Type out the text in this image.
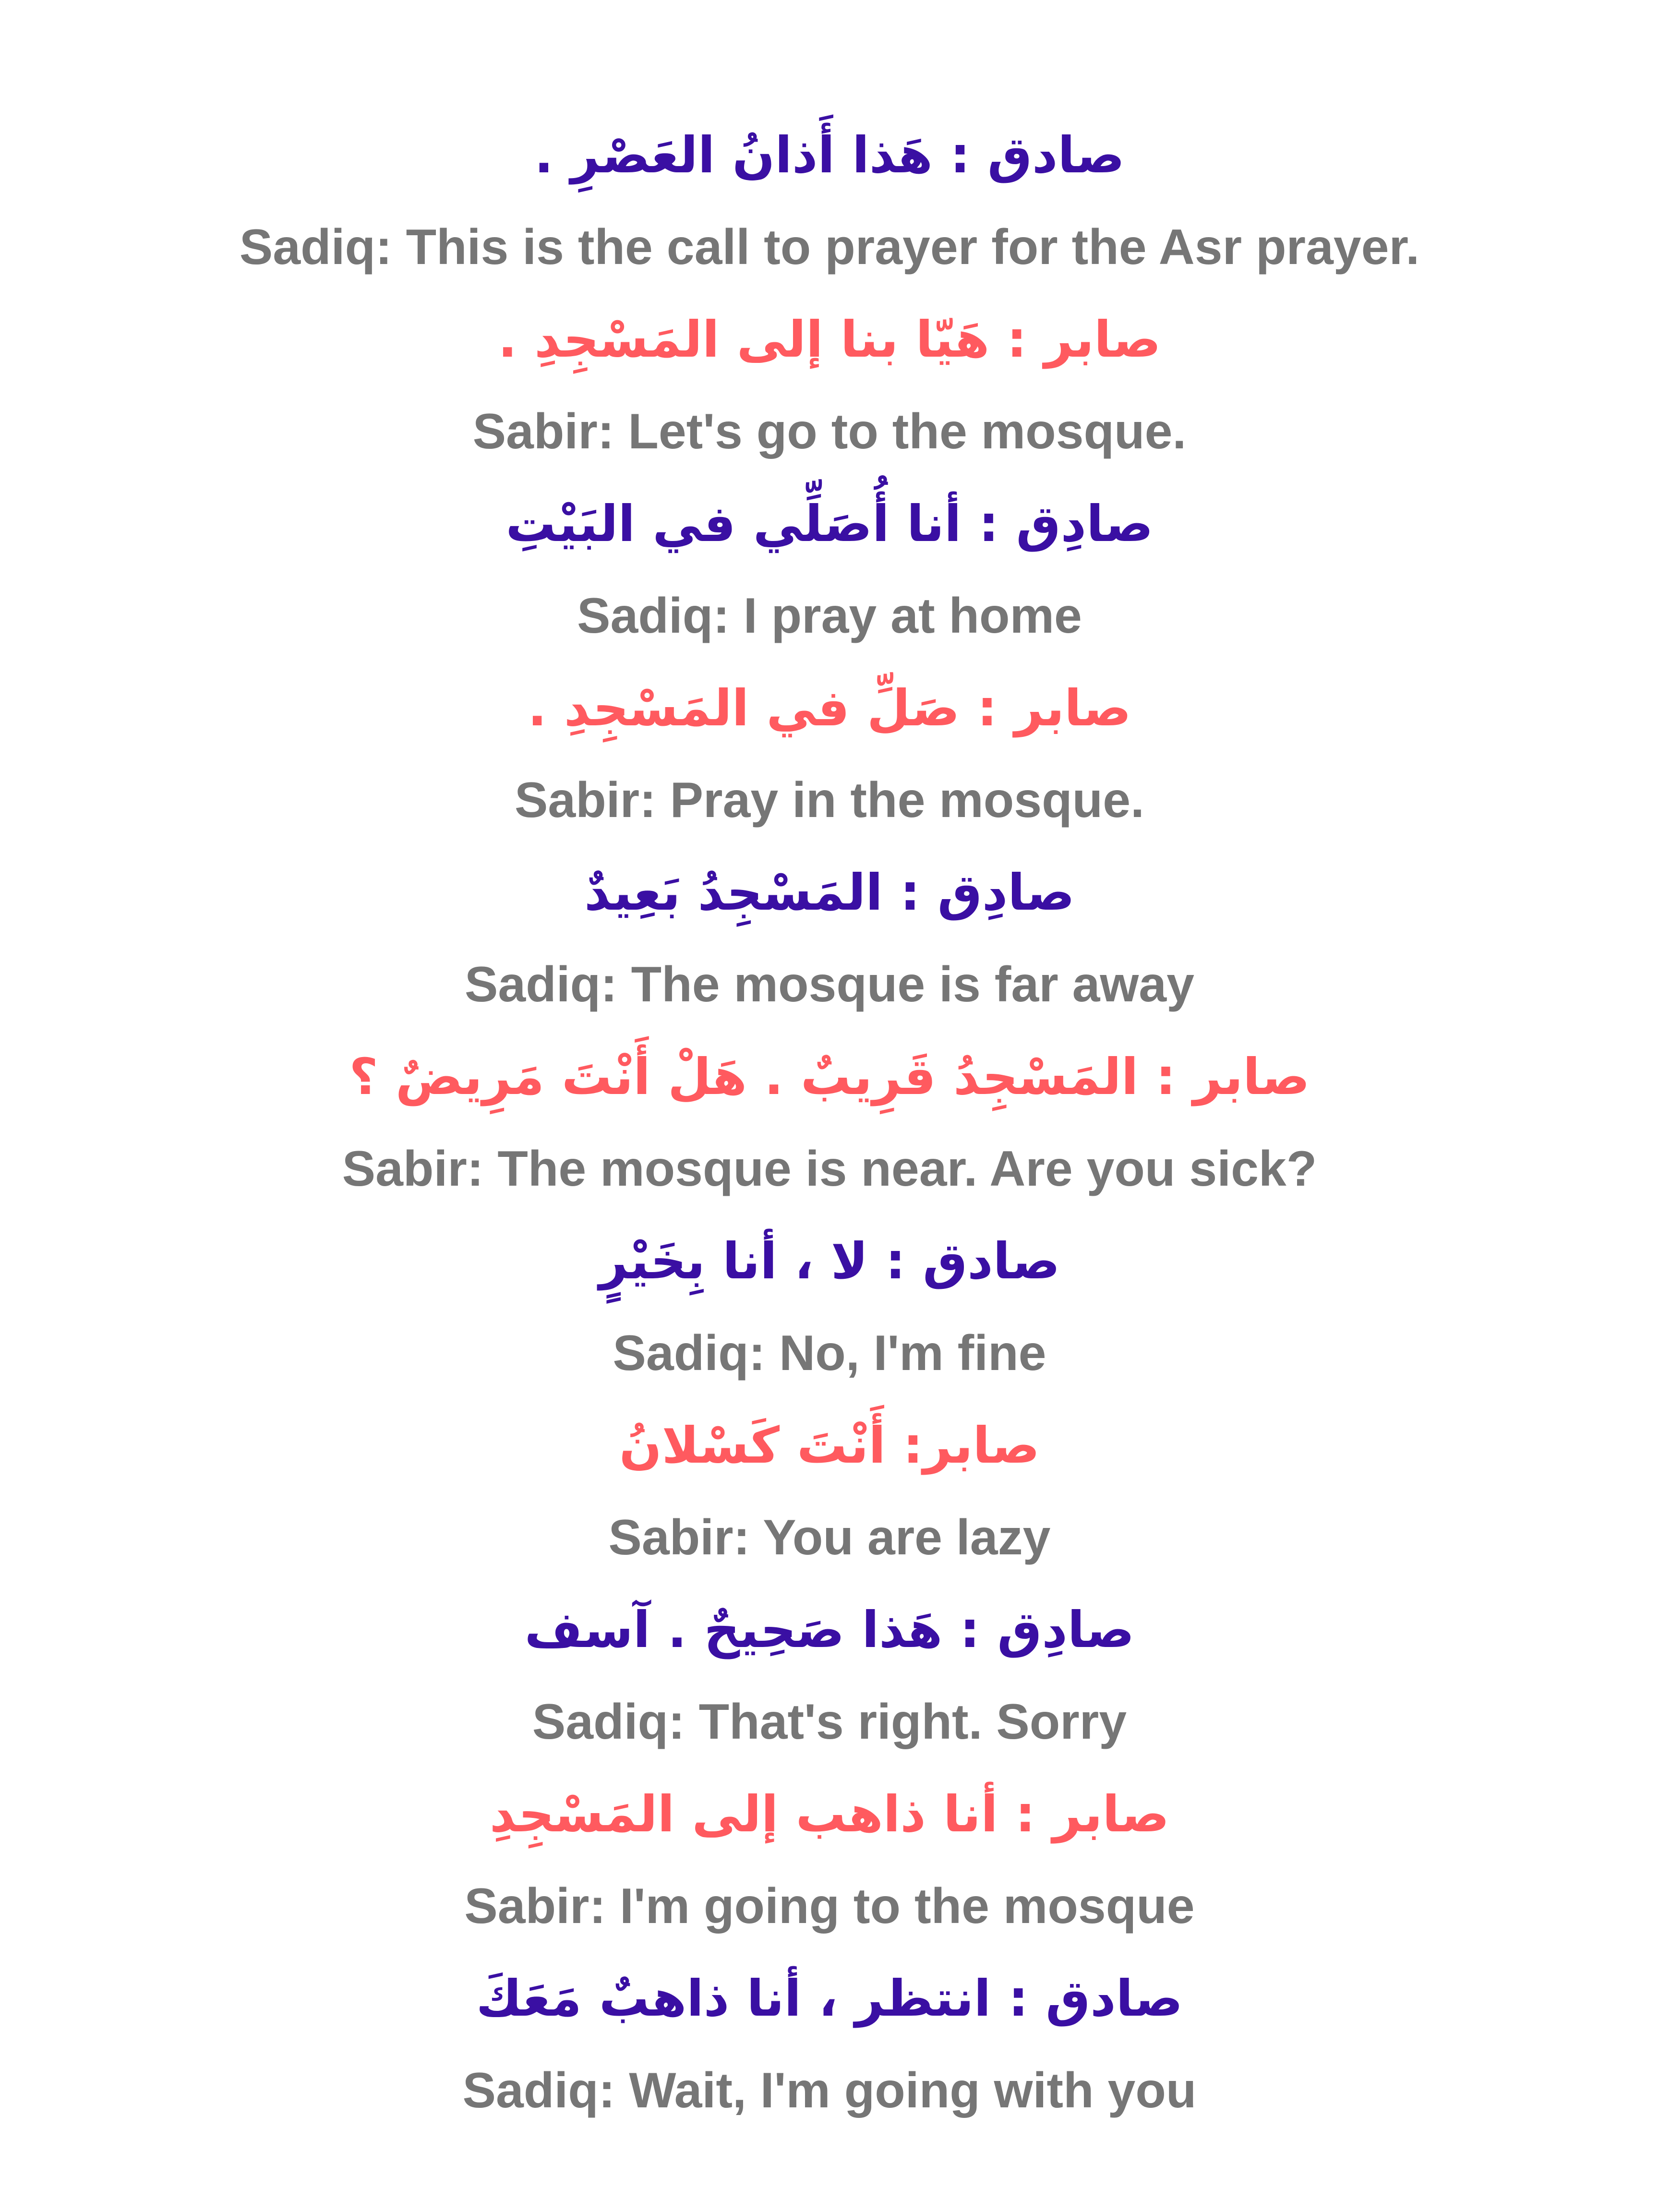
صادق : هَذا أَذانُ العَصْرِ .
Sadiq: This is the call to prayer for the Asr prayer.
صابر : هَيّا بنا إلى المَسْجِدِ .
Sabir: Let's go to the mosque.
صادِق : أنا أُصَلِّي في البَيْتِ
Sadiq: I pray at home
صابر : صَلِّ في المَسْجِدِ .
Sabir: Pray in the mosque.
صادِق : المَسْجِدُ بَعِيدٌ
Sadiq: The mosque is far away
صابر : المَسْجِدُ قَرِيبٌ . هَلْ أَنْتَ مَرِيضٌ ؟
Sabir: The mosque is near. Are you sick?
صادق : لا ، أنا بِخَيْرٍ
Sadiq: No, I'm fine
صابر: أَنْتَ كَسْلانُ
Sabir: You are lazy
صادِق : هَذا صَحِيحٌ . آسف
Sadiq: That's right. Sorry
صابر : أنا ذاهب إلى المَسْجِدِ
Sabir: I'm going to the mosque
صادق : انتظر ، أنا ذاهبٌ مَعَكَ
Sadiq: Wait, I'm going with you
